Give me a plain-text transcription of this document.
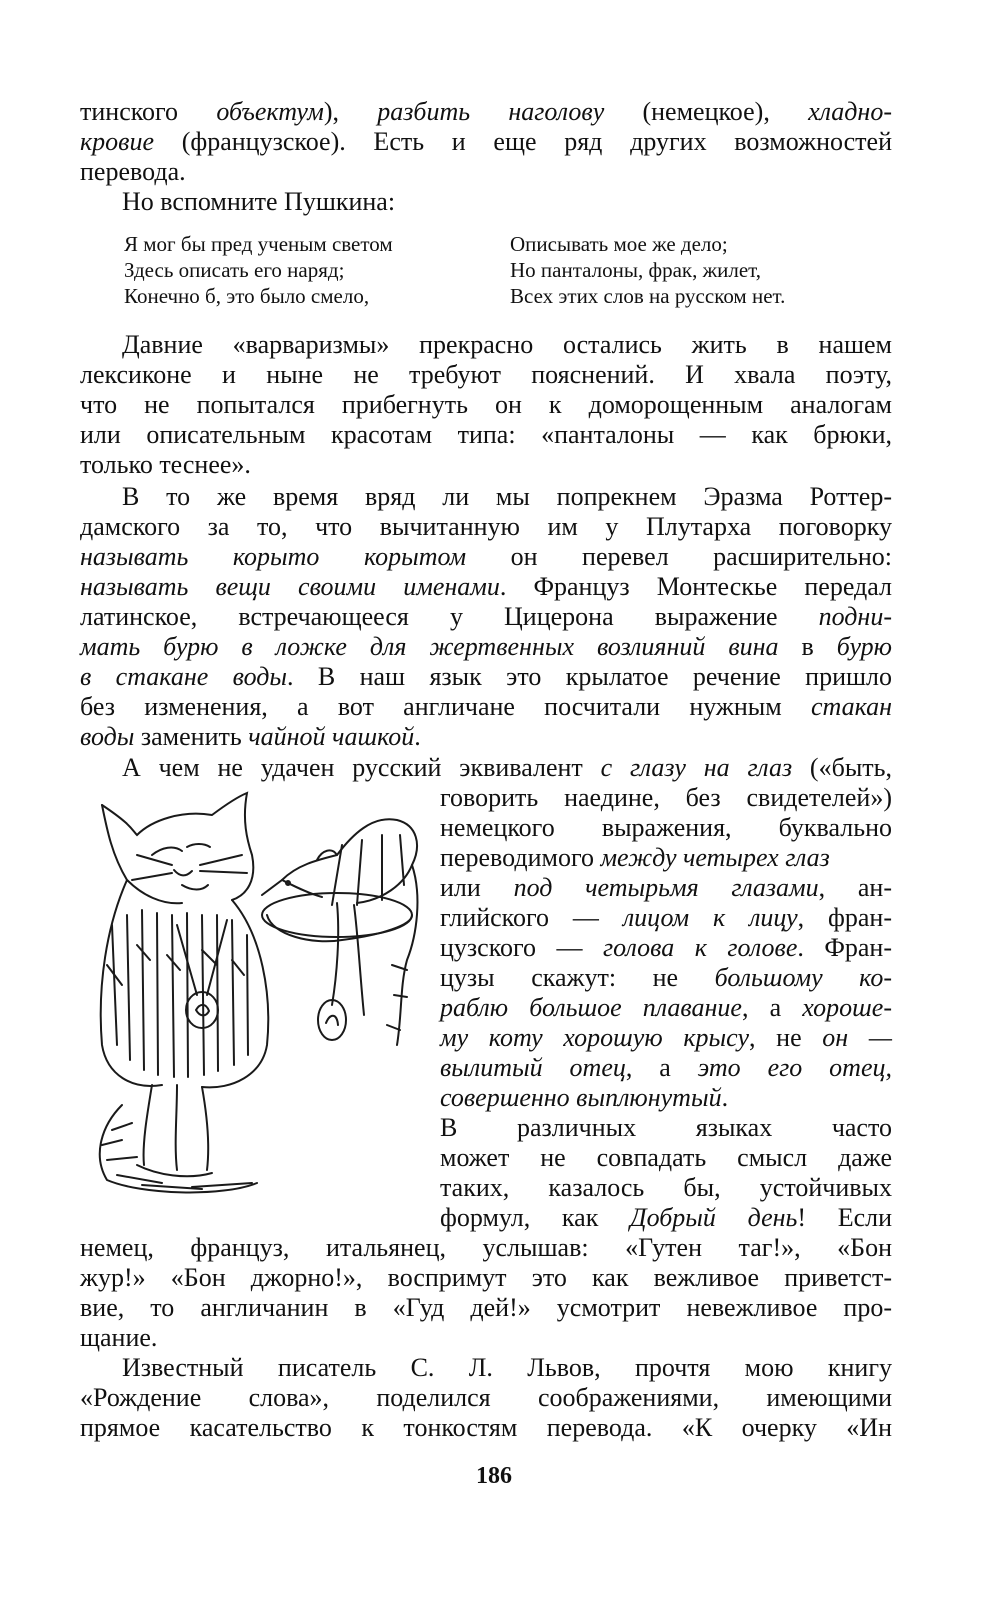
тинского объектум), разбить наголову (немецкое), хладно-
кровие (французское). Есть и еще ряд других возможностей
перевода.
Но вспомните Пушкина:
Я мог бы пред ученым светом
Здесь описать его наряд;
Конечно б, это было смело,
Описывать мое же дело;
Но панталоны, фрак, жилет,
Всех этих слов на русском нет.
Давние «варваризмы» прекрасно остались жить в нашем
лексиконе и ныне не требуют пояснений. И хвала поэту,
что не попытался прибегнуть он к доморощенным аналогам
или описательным красотам типа: «панталоны — как брюки,
только теснее».
В то же время вряд ли мы попрекнем Эразма Роттер-
дамского за то, что вычитанную им у Плутарха поговорку
называть корыто корытом он перевел расширительно:
называть вещи своими именами. Француз Монтескье передал
латинское, встречающееся у Цицерона выражение подни-
мать бурю в ложке для жертвенных возлияний вина в бурю
в стакане воды. В наш язык это крылатое речение пришло
без изменения, а вот англичане посчитали нужным стакан
воды заменить чайной чашкой.
А чем не удачен русский эквивалент с глазу на глаз («быть,
говорить наедине, без свидетелей»)
немецкого выражения, буквально
переводимого между четырех глаз
или под четырьмя глазами, ан-
глийского — лицом к лицу, фран-
цузского — голова к голове. Фран-
цузы скажут: не большому ко-
раблю большое плавание, а хороше-
му коту хорошую крысу, не он —
вылитый отец, а это его отец,
совершенно выплюнутый.
В различных языках часто
может не совпадать смысл даже
таких, казалось бы, устойчивых
формул, как Добрый день! Если
немец, француз, итальянец, услышав: «Гутен таг!», «Бон
жур!» «Бон джорно!», воспримут это как вежливое приветст-
вие, то англичанин в «Гуд дей!» усмотрит невежливое про-
щание.
Известный писатель С. Л. Львов, прочтя мою книгу
«Рождение слова», поделился соображениями, имеющими
прямое касательство к тонкостям перевода. «К очерку «Ин
186
